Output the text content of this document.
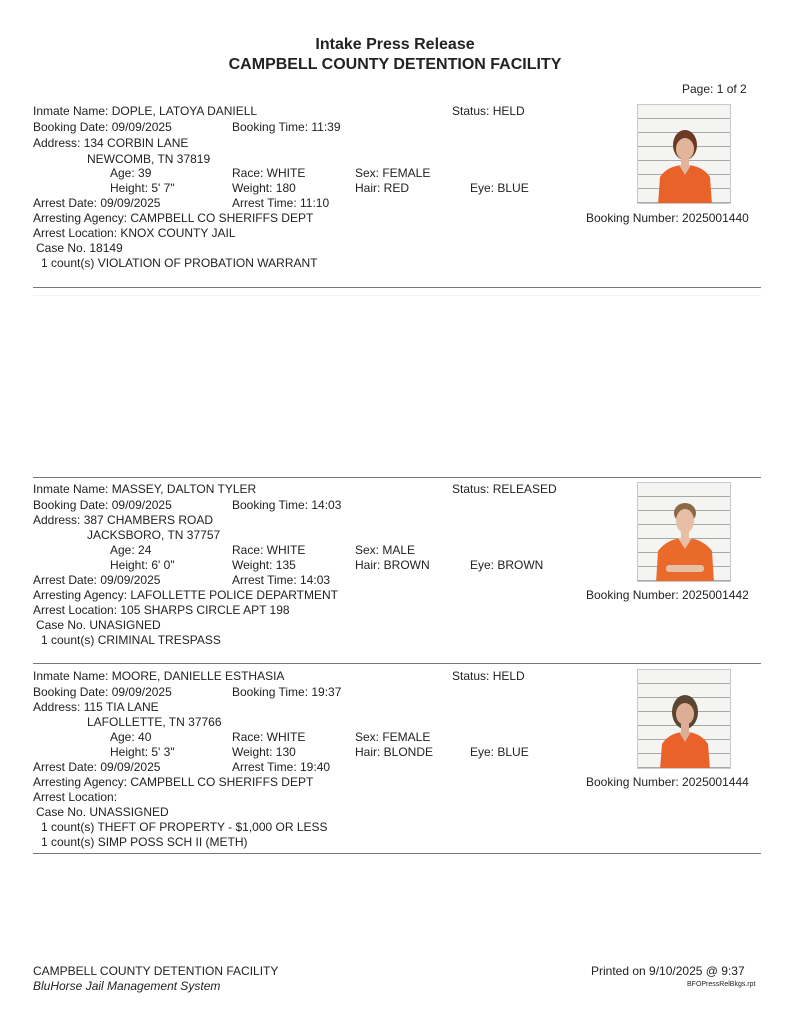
Intake Press Release
CAMPBELL COUNTY DETENTION FACILITY
Page: 1 of 2
Inmate Name: DOPLE, LATOYA DANIELL	Status: HELD
Booking Date: 09/09/2025	Booking Time: 11:39
Address: 134 CORBIN LANE
NEWCOMB, TN 37819
Age: 39	Race: WHITE	Sex: FEMALE
Height: 5' 7"	Weight: 180	Hair: RED	Eye: BLUE
Arrest Date: 09/09/2025	Arrest Time: 11:10
Arresting Agency: CAMPBELL CO SHERIFFS DEPT	Booking Number: 2025001440
Arrest Location: KNOX COUNTY JAIL
Case No. 18149
1 count(s) VIOLATION OF PROBATION WARRANT
Inmate Name: MASSEY, DALTON TYLER	Status: RELEASED
Booking Date: 09/09/2025	Booking Time: 14:03
Address: 387 CHAMBERS ROAD
JACKSBORO, TN 37757
Age: 24	Race: WHITE	Sex: MALE
Height: 6' 0"	Weight: 135	Hair: BROWN	Eye: BROWN
Arrest Date: 09/09/2025	Arrest Time: 14:03
Arresting Agency: LAFOLLETTE POLICE DEPARTMENT	Booking Number: 2025001442
Arrest Location: 105 SHARPS CIRCLE APT 198
Case No. UNASIGNED
1 count(s) CRIMINAL TRESPASS
Inmate Name: MOORE, DANIELLE ESTHASIA	Status: HELD
Booking Date: 09/09/2025	Booking Time: 19:37
Address: 115 TIA LANE
LAFOLLETTE, TN 37766
Age: 40	Race: WHITE	Sex: FEMALE
Height: 5' 3"	Weight: 130	Hair: BLONDE	Eye: BLUE
Arrest Date: 09/09/2025	Arrest Time: 19:40
Arresting Agency: CAMPBELL CO SHERIFFS DEPT	Booking Number: 2025001444
Arrest Location:
Case No. UNASSIGNED
1 count(s) THEFT OF PROPERTY - $1,000 OR LESS
1 count(s) SIMP POSS SCH II (METH)
CAMPBELL COUNTY DETENTION FACILITY
BluHorse Jail Management System
Printed on 9/10/2025 @ 9:37
BFOPressRelBkgs.rpt
